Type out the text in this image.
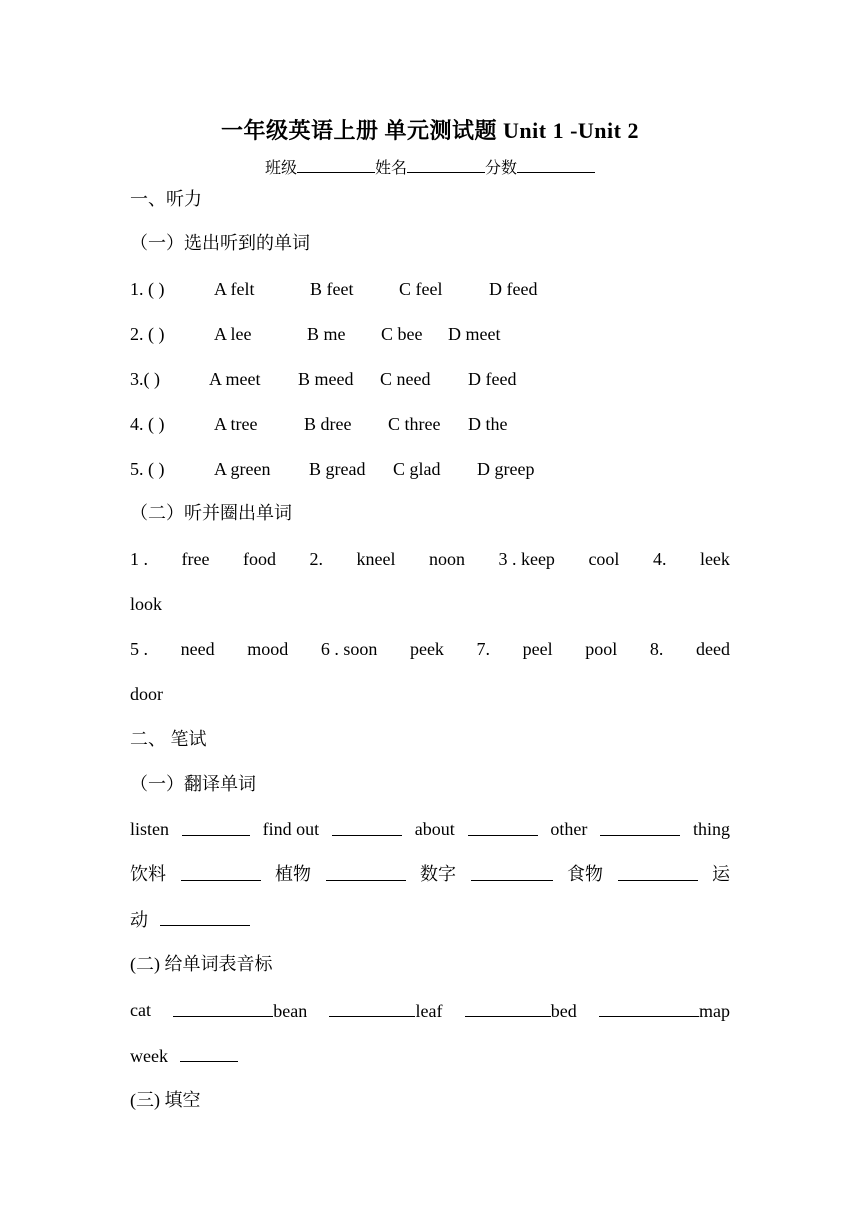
一年级英语上册 单元测试题 Unit 1 -Unit 2
班级	姓名	分数
一、听力
（一）选出听到的单词
1. ( )	A felt	B feet	C feel	D feed
2. ( )	A lee	B me C bee D meet
3.( )	A meet B meed C need D feed
4. ( )	A tree	B dree C three D the
5. ( )	A green B gread C glad D greep
（二）听并圈出单词
1 . free food 2. kneel noon 3 . keep cool 4. leek
look
5 . need mood 6 . soon peek 7. peel pool 8. deed
door
二、 笔试
（一）翻译单词
listen	find out	about	other	thing
饮料	植物	数字	食物	运
动
(二) 给单词表音标
cat	bean	leaf	bed	map
week
(三) 填空
